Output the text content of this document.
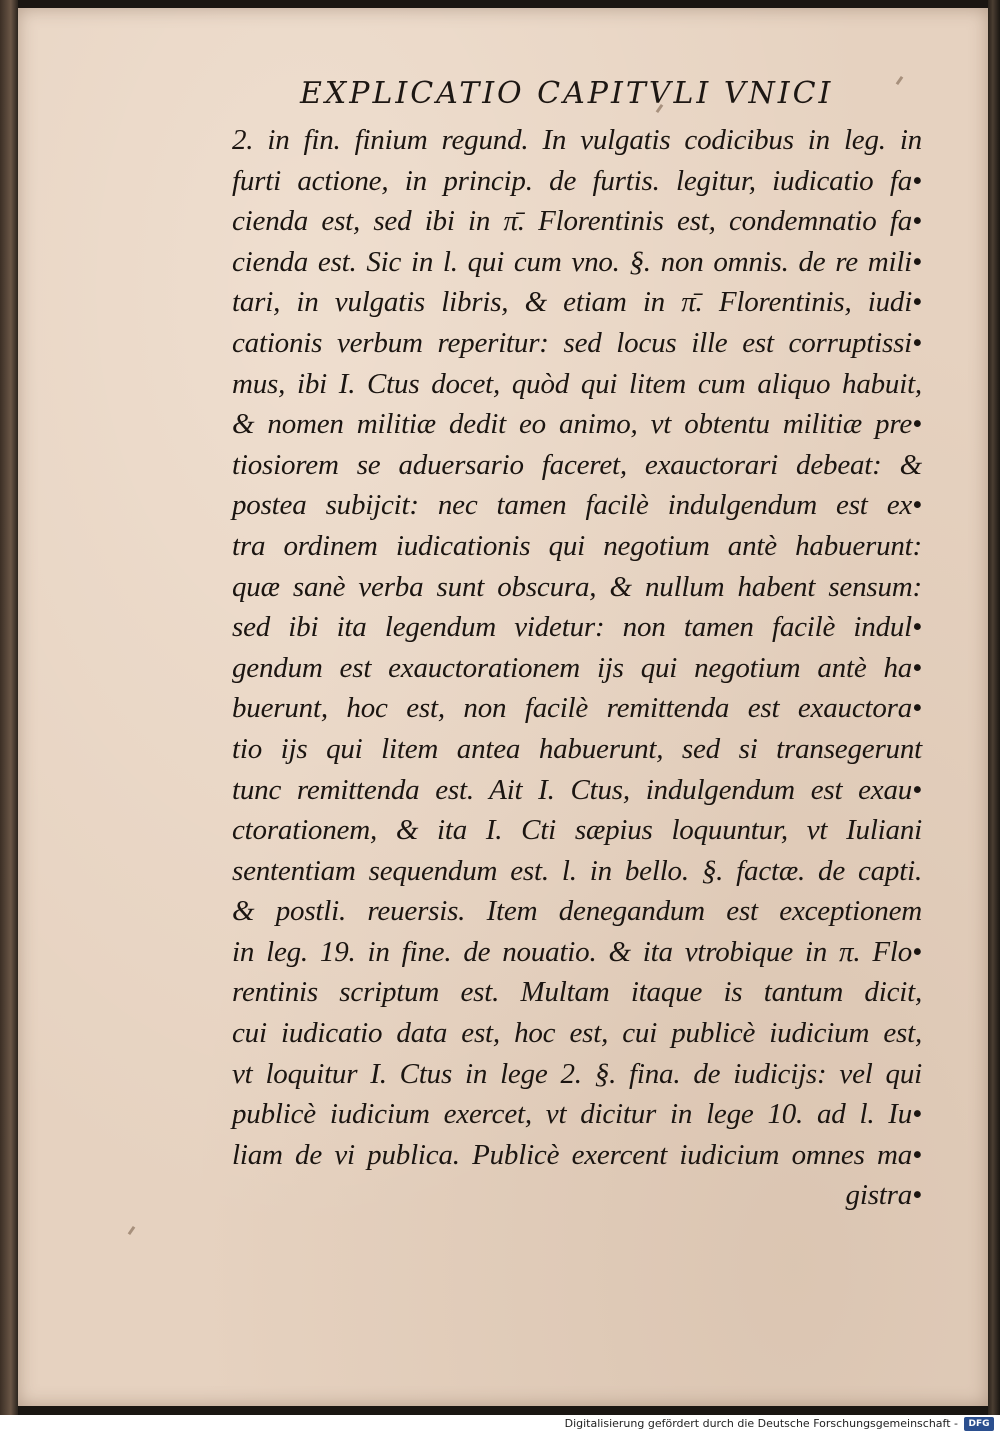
EXPLICATIO CAPITVLI VNICI
2. in fin. finium regund. In vulgatis codicibus in leg. in
furti actione, in princip. de furtis. legitur, iudicatio fa•
cienda est, sed ibi in π̄. Florentinis est, condemnatio fa•
cienda est. Sic in l. qui cum vno. §. non omnis. de re mili•
tari, in vulgatis libris, & etiam in π̄. Florentinis, iudi•
cationis verbum reperitur: sed locus ille est corruptissi•
mus, ibi I. Ctus docet, quòd qui litem cum aliquo habuit,
& nomen militiæ dedit eo animo, vt obtentu militiæ pre•
tiosiorem se aduersario faceret, exauctorari debeat: &
postea subijcit: nec tamen facilè indulgendum est ex•
tra ordinem iudicationis qui negotium antè habuerunt:
quæ sanè verba sunt obscura, & nullum habent sensum:
sed ibi ita legendum videtur: non tamen facilè indul•
gendum est exauctorationem ijs qui negotium antè ha•
buerunt, hoc est, non facilè remittenda est exauctora•
tio ijs qui litem antea habuerunt, sed si transegerunt
tunc remittenda est. Ait I. Ctus, indulgendum est exau•
ctorationem, & ita I. Cti sæpius loquuntur, vt Iuliani
sententiam sequendum est. l. in bello. §. factæ. de capti.
& postli. reuersis. Item denegandum est exceptionem
in leg. 19. in fine. de nouatio. & ita vtrobique in π. Flo•
rentinis scriptum est. Multam itaque is tantum dicit,
cui iudicatio data est, hoc est, cui publicè iudicium est,
vt loquitur I. Ctus in lege 2. §. fina. de iudicijs: vel qui
publicè iudicium exercet, vt dicitur in lege 10. ad l. Iu•
liam de vi publica. Publicè exercent iudicium omnes ma•
gistra•
Digitalisierung gefördert durch die Deutsche Forschungsgemeinschaft -	DFG
